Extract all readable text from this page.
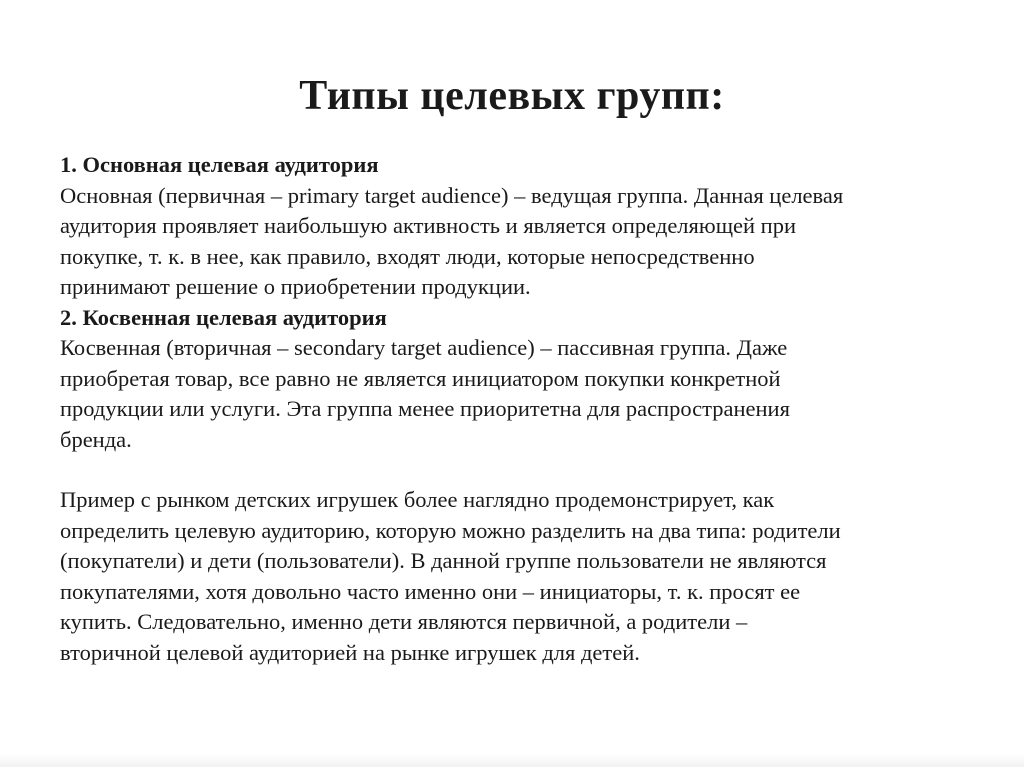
Типы целевых групп:
1. Основная целевая аудитория
Основная (первичная – primary target audience) – ведущая группа. Данная целевая
аудитория проявляет наибольшую активность и является определяющей при
покупке, т. к. в нее, как правило, входят люди, которые непосредственно
принимают решение о приобретении продукции.
2. Косвенная целевая аудитория
Косвенная (вторичная – secondary target audience) – пассивная группа. Даже
приобретая товар, все равно не является инициатором покупки конкретной
продукции или услуги. Эта группа менее приоритетна для распространения
бренда.
Пример с рынком детских игрушек более наглядно продемонстрирует, как
определить целевую аудиторию, которую можно разделить на два типа: родители
(покупатели) и дети (пользователи). В данной группе пользователи не являются
покупателями, хотя довольно часто именно они – инициаторы, т. к. просят ее
купить. Следовательно, именно дети являются первичной, а родители –
вторичной целевой аудиторией на рынке игрушек для детей.
